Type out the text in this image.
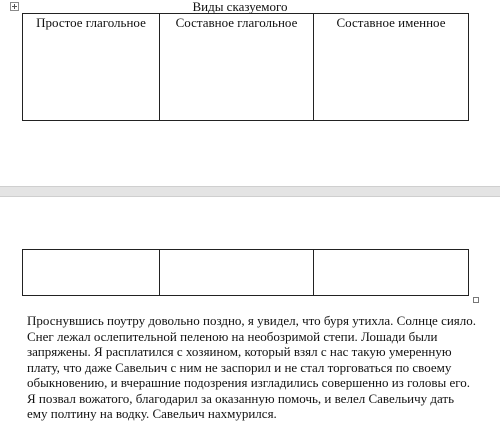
Виды сказуемого
Простое глагольное	Составное глагольное	Составное именное

Проснувшись поутру довольно поздно, я увидел, что буря утихла. Солнце сияло. Снег лежал ослепительной пеленою на необозримой степи. Лошади были запряжены. Я расплатился с хозяином, который взял с нас такую умеренную плату, что даже Савельич с ним не заспорил и не стал торговаться по своему обыкновению, и вчерашние подозрения изгладились совершенно из головы его. Я позвал вожатого, благодарил за оказанную помочь, и велел Савельичу дать ему полтину на водку. Савельич нахмурился.
